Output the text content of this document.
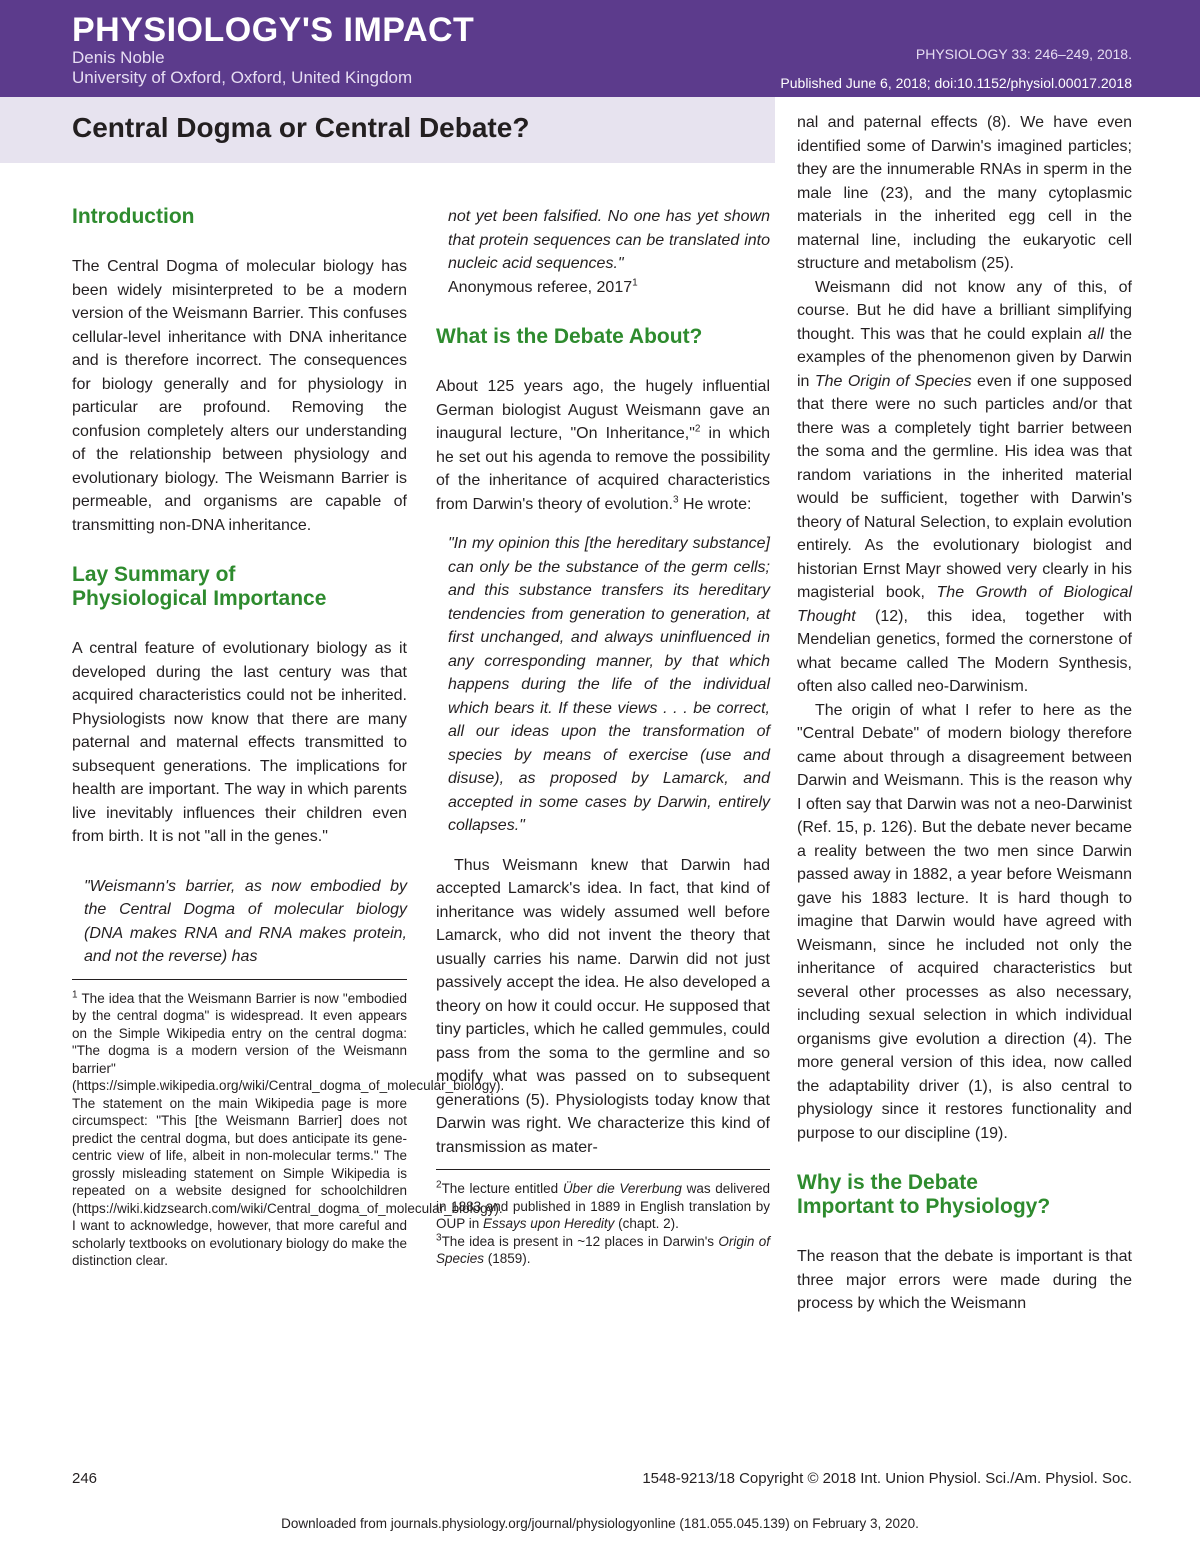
PHYSIOLOGY'S IMPACT
Denis Noble
University of Oxford, Oxford, United Kingdom
PHYSIOLOGY 33: 246–249, 2018.
Published June 6, 2018; doi:10.1152/physiol.00017.2018
Central Dogma or Central Debate?
Introduction

The Central Dogma of molecular biology has been widely misinterpreted to be a modern version of the Weismann Barrier. This confuses cellular-level inheritance with DNA inheritance and is therefore incorrect. The consequences for biology generally and for physiology in particular are profound. Removing the confusion completely alters our understanding of the relationship between physiology and evolutionary biology. The Weismann Barrier is permeable, and organisms are capable of transmitting non-DNA inheritance.

Lay Summary of
Physiological Importance

A central feature of evolutionary biology as it developed during the last century was that acquired characteristics could not be inherited. Physiologists now know that there are many paternal and maternal effects transmitted to subsequent generations. The implications for health are important. The way in which parents live inevitably influences their children even from birth. It is not "all in the genes."

"Weismann's barrier, as now embodied by the Central Dogma of molecular biology (DNA makes RNA and RNA makes protein, and not the reverse) has

$^1$ The idea that the Weismann Barrier is now "embodied by the central dogma" is widespread. It even appears on the Simple Wikipedia entry on the central dogma: "The dogma is a modern version of the Weismann barrier" (https://simple.wikipedia.org/wiki/Central_dogma_of_molecular_biology). The statement on the main Wikipedia page is more circumspect: "This [the Weismann Barrier] does not predict the central dogma, but does anticipate its gene-centric view of life, albeit in non-molecular terms." The grossly misleading statement on Simple Wikipedia is repeated on a website designed for schoolchildren (https://wiki.kidzsearch.com/wiki/Central_dogma_of_molecular_biology). I want to acknowledge, however, that more careful and scholarly textbooks on evolutionary biology do make the distinction clear.

not yet been falsified. No one has yet shown that protein sequences can be translated into nucleic acid sequences."

Anonymous referee, 2017$^1$

What is the Debate About?

About 125 years ago, the hugely influential German biologist August Weismann gave an inaugural lecture, "On Inheritance,"$^2$ in which he set out his agenda to remove the possibility of the inheritance of acquired characteristics from Darwin's theory of evolution.$^3$ He wrote:

"In my opinion this [the hereditary substance] can only be the substance of the germ cells; and this substance transfers its hereditary tendencies from generation to generation, at first unchanged, and always uninfluenced in any corresponding manner, by that which happens during the life of the individual which bears it. If these views . . . be correct, all our ideas upon the transformation of species by means of exercise (use and disuse), as proposed by Lamarck, and accepted in some cases by Darwin, entirely collapses."

Thus Weismann knew that Darwin had accepted Lamarck's idea. In fact, that kind of inheritance was widely assumed well before Lamarck, who did not invent the theory that usually carries his name. Darwin did not just passively accept the idea. He also developed a theory on how it could occur. He supposed that tiny particles, which he called gemmules, could pass from the soma to the germline and so modify what was passed on to subsequent generations (5). Physiologists today know that Darwin was right. We characterize this kind of transmission as mater-

$^2$The lecture entitled Über die Vererbung was delivered in 1883 and published in 1889 in English translation by OUP in Essays upon Heredity (chapt. 2).

$^3$The idea is present in ~12 places in Darwin's Origin of Species (1859).

nal and paternal effects (8). We have even identified some of Darwin's imagined particles; they are the innumerable RNAs in sperm in the male line (23), and the many cytoplasmic materials in the inherited egg cell in the maternal line, including the eukaryotic cell structure and metabolism (25).

Weismann did not know any of this, of course. But he did have a brilliant simplifying thought. This was that he could explain all the examples of the phenomenon given by Darwin in The Origin of Species even if one supposed that there were no such particles and/or that there was a completely tight barrier between the soma and the germline. His idea was that random variations in the inherited material would be sufficient, together with Darwin's theory of Natural Selection, to explain evolution entirely. As the evolutionary biologist and historian Ernst Mayr showed very clearly in his magisterial book, The Growth of Biological Thought (12), this idea, together with Mendelian genetics, formed the cornerstone of what became called The Modern Synthesis, often also called neo-Darwinism.

The origin of what I refer to here as the "Central Debate" of modern biology therefore came about through a disagreement between Darwin and Weismann. This is the reason why I often say that Darwin was not a neo-Darwinist (Ref. 15, p. 126). But the debate never became a reality between the two men since Darwin passed away in 1882, a year before Weismann gave his 1883 lecture. It is hard though to imagine that Darwin would have agreed with Weismann, since he included not only the inheritance of acquired characteristics but several other processes as also necessary, including sexual selection in which individual organisms give evolution a direction (4). The more general version of this idea, now called the adaptability driver (1), is also central to physiology since it restores functionality and purpose to our discipline (19).

Why is the Debate
Important to Physiology?

The reason that the debate is important is that three major errors were made during the process by which the Weismann

246	1548-9213/18 Copyright © 2018 Int. Union Physiol. Sci./Am. Physiol. Soc.
Downloaded from journals.physiology.org/journal/physiologyonline (181.055.045.139) on February 3, 2020.
